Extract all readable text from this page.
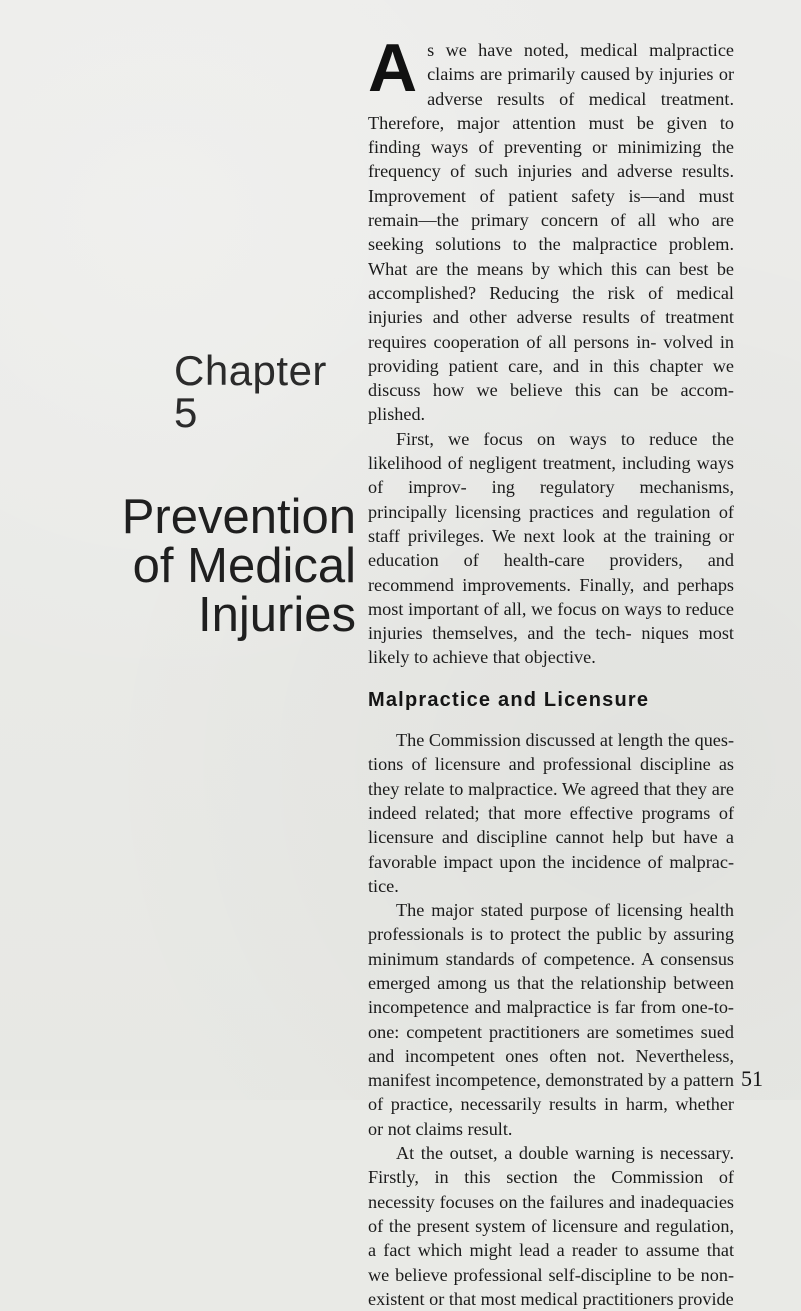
Chapter 5
Prevention
of Medical
Injuries

As we have noted, medical malpractice claims are primarily caused by injuries or adverse results of medical treatment. Therefore, major attention must be given to finding ways of preventing or minimizing the frequency of such injuries and adverse results. Improvement of patient safety is—and must remain—the primary concern of all who are seeking solutions to the malpractice problem. What are the means by which this can best be accomplished? Reducing the risk of medical injuries and other adverse results of treatment requires cooperation of all persons in- volved in providing patient care, and in this chapter we discuss how we believe this can be accom- plished.

First, we focus on ways to reduce the likelihood of negligent treatment, including ways of improv- ing regulatory mechanisms, principally licensing practices and regulation of staff privileges. We next look at the training or education of health-care providers, and recommend improvements. Finally, and perhaps most important of all, we focus on ways to reduce injuries themselves, and the tech- niques most likely to achieve that objective.

Malpractice and Licensure

The Commission discussed at length the ques- tions of licensure and professional discipline as they relate to malpractice. We agreed that they are indeed related; that more effective programs of licensure and discipline cannot help but have a favorable impact upon the incidence of malprac- tice.

The major stated purpose of licensing health professionals is to protect the public by assuring minimum standards of competence. A consensus emerged among us that the relationship between incompetence and malpractice is far from one-to- one: competent practitioners are sometimes sued and incompetent ones often not. Nevertheless, manifest incompetence, demonstrated by a pattern of practice, necessarily results in harm, whether or not claims result.

At the outset, a double warning is necessary. Firstly, in this section the Commission of necessity focuses on the failures and inadequacies of the present system of licensure and regulation, a fact which might lead a reader to assume that we believe professional self-discipline to be non- existent or that most medical practitioners provide

51
